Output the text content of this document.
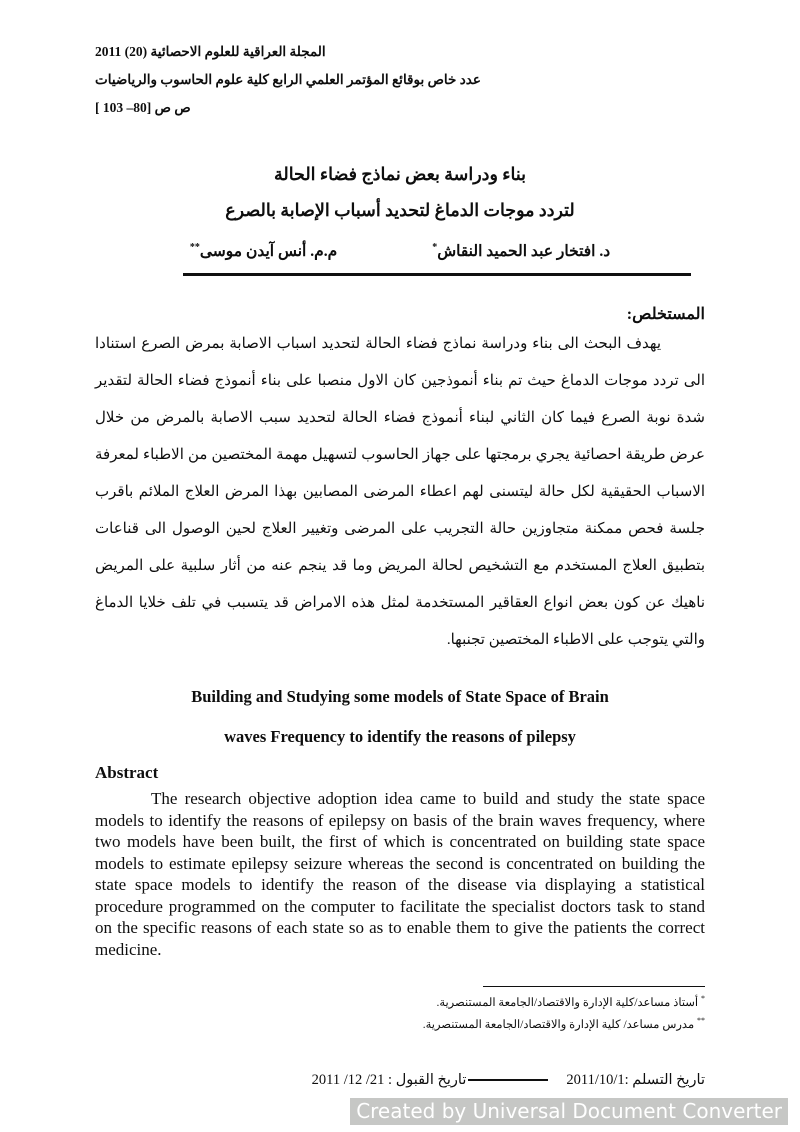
المجلة العراقية للعلوم الاحصائية (20) 2011
عدد خاص بوقائع المؤتمر العلمي الرابع كلية علوم الحاسوب والرياضيات
ص ص [80– 103 ]
بناء ودراسة بعض نماذج فضاء الحالة
لتردد موجات الدماغ لتحديد أسباب الإصابة بالصرع
د. افتخار عبد الحميد النقاش*
م.م. أنس آيدن موسى**
المستخلص:
يهدف البحث الى بناء ودراسة نماذج فضاء الحالة لتحديد اسباب الاصابة بمرض الصرع استنادا الى تردد موجات الدماغ حيث تم بناء أنموذجين كان الاول منصبا على بناء أنموذج فضاء الحالة لتقدير شدة نوبة الصرع فيما كان الثاني لبناء أنموذج فضاء الحالة لتحديد سبب الاصابة بالمرض من خلال عرض طريقة احصائية يجري برمجتها على جهاز الحاسوب لتسهيل مهمة المختصين من الاطباء لمعرفة الاسباب الحقيقية لكل حالة ليتسنى لهم اعطاء المرضى المصابين بهذا المرض العلاج الملائم باقرب جلسة فحص ممكنة متجاوزين حالة التجريب على المرضى وتغيير العلاج لحين الوصول الى قناعات بتطبيق العلاج المستخدم مع التشخيص لحالة المريض وما قد ينجم عنه من أثار سلبية على المريض ناهيك عن كون بعض انواع العقاقير المستخدمة لمثل هذه الامراض قد يتسبب في تلف خلايا الدماغ والتي يتوجب على الاطباء المختصين تجنبها.
Building and Studying some models of State Space of Brain
waves Frequency to identify the reasons of pilepsy
Abstract
The research objective adoption idea came to build and study the state space models to identify the reasons of epilepsy on basis of the brain waves frequency, where two models have been built, the first of which is concentrated on building state space models to estimate epilepsy seizure whereas the second is concentrated on building the state space models to identify the reason of the disease via displaying a statistical procedure programmed on the computer to facilitate the specialist doctors task to stand on the specific reasons of each state so as to enable them to give the patients the correct medicine.
* أستاذ مساعد/كلية الإدارة والاقتصاد/الجامعة المستنصرية.
** مدرس مساعد/ كلية الإدارة والاقتصاد/الجامعة المستنصرية.
تاريخ التسلم :2011/10/1
تاريخ القبول : 21/ 12/ 2011
Created by Universal Document Converter
